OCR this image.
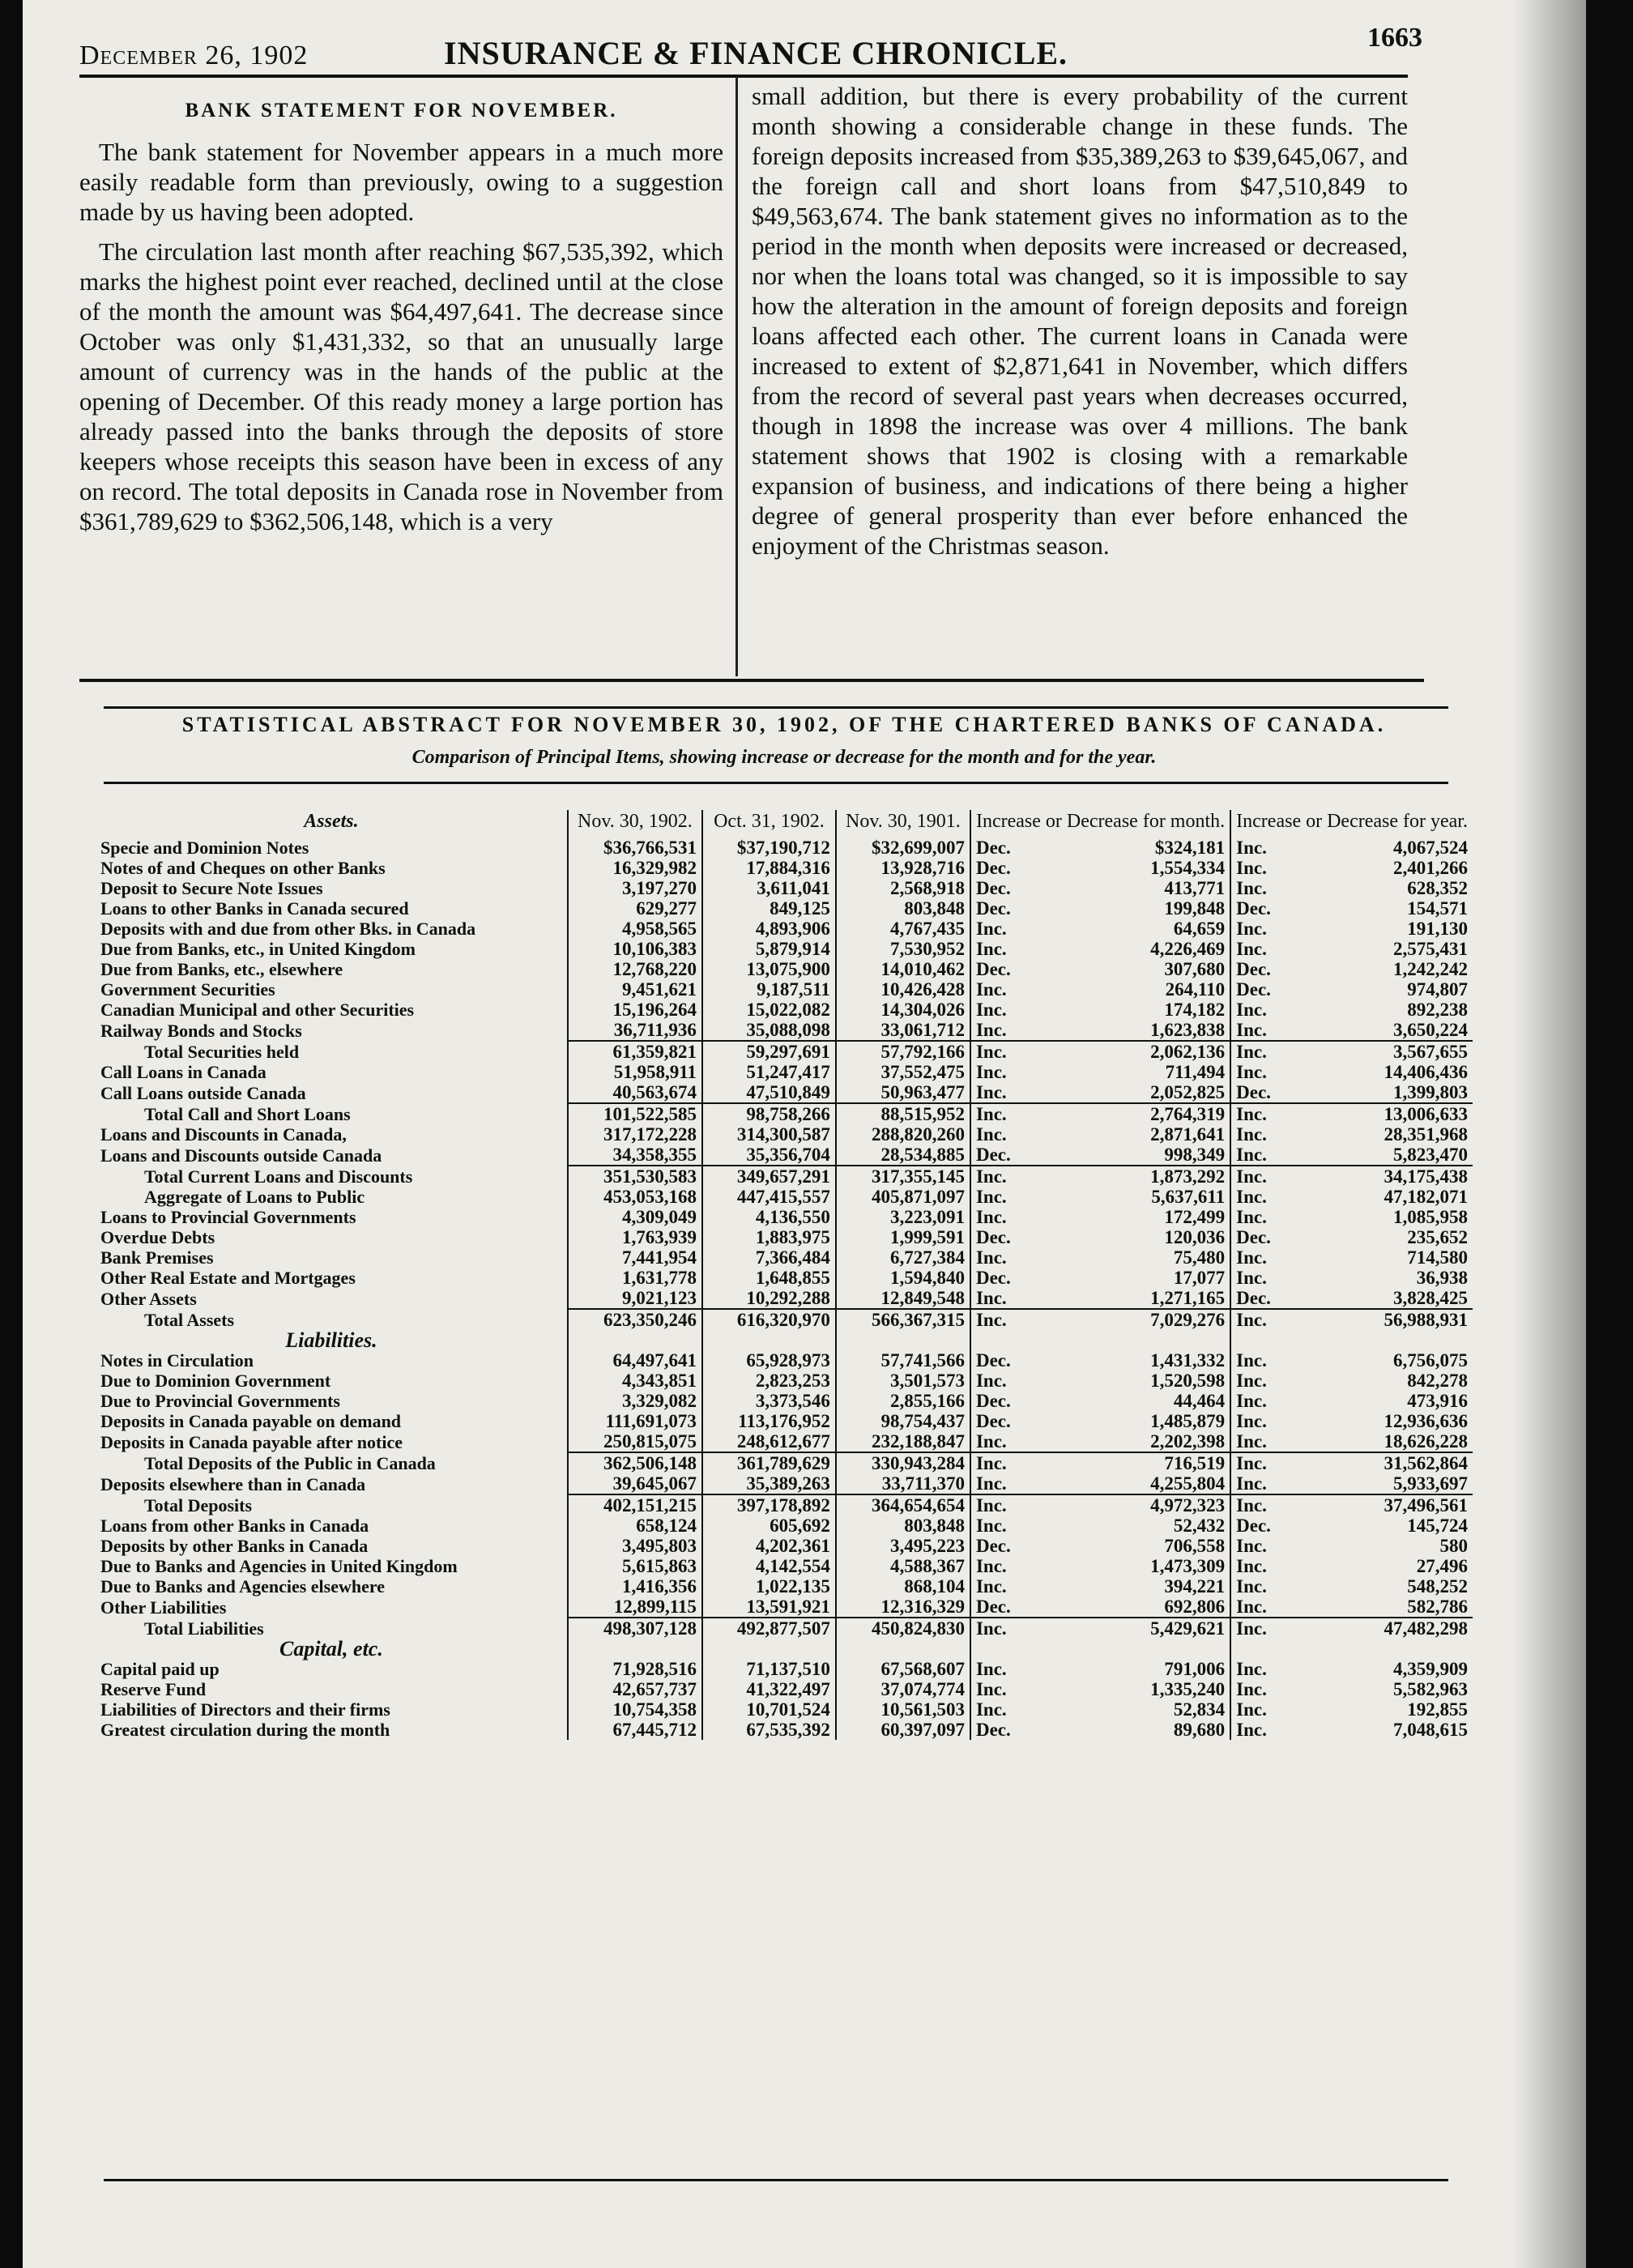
December 26, 1902	INSURANCE & FINANCE CHRONICLE.	1663
BANK STATEMENT FOR NOVEMBER.

The bank statement for November appears in a much more easily readable form than previously, owing to a suggestion made by us having been adopted.

The circulation last month after reaching $67,535,392, which marks the highest point ever reached, declined until at the close of the month the amount was $64,497,641. The decrease since October was only $1,431,332, so that an unusually large amount of currency was in the hands of the public at the opening of December. Of this ready money a large portion has already passed into the banks through the deposits of store keepers whose receipts this season have been in excess of any on record. The total deposits in Canada rose in November from $361,789,629 to $362,506,148, which is a very

small addition, but there is every probability of the current month showing a considerable change in these funds. The foreign deposits increased from $35,389,263 to $39,645,067, and the foreign call and short loans from $47,510,849 to $49,563,674. The bank statement gives no information as to the period in the month when deposits were increased or decreased, nor when the loans total was changed, so it is impossible to say how the alteration in the amount of foreign deposits and foreign loans affected each other. The current loans in Canada were increased to extent of $2,871,641 in November, which differs from the record of several past years when decreases occurred, though in 1898 the increase was over 4 millions. The bank statement shows that 1902 is closing with a remarkable expansion of business, and indications of there being a higher degree of general prosperity than ever before enhanced the enjoyment of the Christmas season.

STATISTICAL ABSTRACT FOR NOVEMBER 30, 1902, OF THE CHARTERED BANKS OF CANADA.
Comparison of Principal Items, showing increase or decrease for the month and for the year.
Assets.	Nov. 30, 1902.	Oct. 31, 1902.	Nov. 30, 1901.	Increase or Decrease for month.		Increase or Decrease for year.	
Specie and Dominion Notes	$36,766,531	$37,190,712	$32,699,007	Dec.	$324,181	Inc.	4,067,524
Notes of and Cheques on other Banks	16,329,982	17,884,316	13,928,716	Dec.	1,554,334	Inc.	2,401,266
Deposit to Secure Note Issues	3,197,270	3,611,041	2,568,918	Dec.	413,771	Inc.	628,352
Loans to other Banks in Canada secured	629,277	849,125	803,848	Dec.	199,848	Dec.	154,571
Deposits with and due from other Bks. in Canada	4,958,565	4,893,906	4,767,435	Inc.	64,659	Inc.	191,130
Due from Banks, etc., in United Kingdom	10,106,383	5,879,914	7,530,952	Inc.	4,226,469	Inc.	2,575,431
Due from Banks, etc., elsewhere	12,768,220	13,075,900	14,010,462	Dec.	307,680	Dec.	1,242,242
Government Securities	9,451,621	9,187,511	10,426,428	Inc.	264,110	Dec.	974,807
Canadian Municipal and other Securities	15,196,264	15,022,082	14,304,026	Inc.	174,182	Inc.	892,238
Railway Bonds and Stocks	36,711,936	35,088,098	33,061,712	Inc.	1,623,838	Inc.	3,650,224
Total Securities held	61,359,821	59,297,691	57,792,166	Inc.	2,062,136	Inc.	3,567,655
Call Loans in Canada	51,958,911	51,247,417	37,552,475	Inc.	711,494	Inc.	14,406,436
Call Loans outside Canada	40,563,674	47,510,849	50,963,477	Inc.	2,052,825	Dec.	1,399,803
Total Call and Short Loans	101,522,585	98,758,266	88,515,952	Inc.	2,764,319	Inc.	13,006,633
Loans and Discounts in Canada,	317,172,228	314,300,587	288,820,260	Inc.	2,871,641	Inc.	28,351,968
Loans and Discounts outside Canada	34,358,355	35,356,704	28,534,885	Dec.	998,349	Inc.	5,823,470
Total Current Loans and Discounts	351,530,583	349,657,291	317,355,145	Inc.	1,873,292	Inc.	34,175,438
Aggregate of Loans to Public	453,053,168	447,415,557	405,871,097	Inc.	5,637,611	Inc.	47,182,071
Loans to Provincial Governments	4,309,049	4,136,550	3,223,091	Inc.	172,499	Inc.	1,085,958
Overdue Debts	1,763,939	1,883,975	1,999,591	Dec.	120,036	Dec.	235,652
Bank Premises	7,441,954	7,366,484	6,727,384	Inc.	75,480	Inc.	714,580
Other Real Estate and Mortgages	1,631,778	1,648,855	1,594,840	Dec.	17,077	Inc.	36,938
Other Assets	9,021,123	10,292,288	12,849,548	Inc.	1,271,165	Dec.	3,828,425
Total Assets	623,350,246	616,320,970	566,367,315	Inc.	7,029,276	Inc.	56,988,931
Liabilities.							
Notes in Circulation	64,497,641	65,928,973	57,741,566	Dec.	1,431,332	Inc.	6,756,075
Due to Dominion Government	4,343,851	2,823,253	3,501,573	Inc.	1,520,598	Inc.	842,278
Due to Provincial Governments	3,329,082	3,373,546	2,855,166	Dec.	44,464	Inc.	473,916
Deposits in Canada payable on demand	111,691,073	113,176,952	98,754,437	Dec.	1,485,879	Inc.	12,936,636
Deposits in Canada payable after notice	250,815,075	248,612,677	232,188,847	Inc.	2,202,398	Inc.	18,626,228
Total Deposits of the Public in Canada	362,506,148	361,789,629	330,943,284	Inc.	716,519	Inc.	31,562,864
Deposits elsewhere than in Canada	39,645,067	35,389,263	33,711,370	Inc.	4,255,804	Inc.	5,933,697
Total Deposits	402,151,215	397,178,892	364,654,654	Inc.	4,972,323	Inc.	37,496,561
Loans from other Banks in Canada	658,124	605,692	803,848	Inc.	52,432	Dec.	145,724
Deposits by other Banks in Canada	3,495,803	4,202,361	3,495,223	Dec.	706,558	Inc.	580
Due to Banks and Agencies in United Kingdom	5,615,863	4,142,554	4,588,367	Inc.	1,473,309	Inc.	27,496
Due to Banks and Agencies elsewhere	1,416,356	1,022,135	868,104	Inc.	394,221	Inc.	548,252
Other Liabilities	12,899,115	13,591,921	12,316,329	Dec.	692,806	Inc.	582,786
Total Liabilities	498,307,128	492,877,507	450,824,830	Inc.	5,429,621	Inc.	47,482,298
Capital, etc.							
Capital paid up	71,928,516	71,137,510	67,568,607	Inc.	791,006	Inc.	4,359,909
Reserve Fund	42,657,737	41,322,497	37,074,774	Inc.	1,335,240	Inc.	5,582,963
Liabilities of Directors and their firms	10,754,358	10,701,524	10,561,503	Inc.	52,834	Inc.	192,855
Greatest circulation during the month	67,445,712	67,535,392	60,397,097	Dec.	89,680	Inc.	7,048,615
